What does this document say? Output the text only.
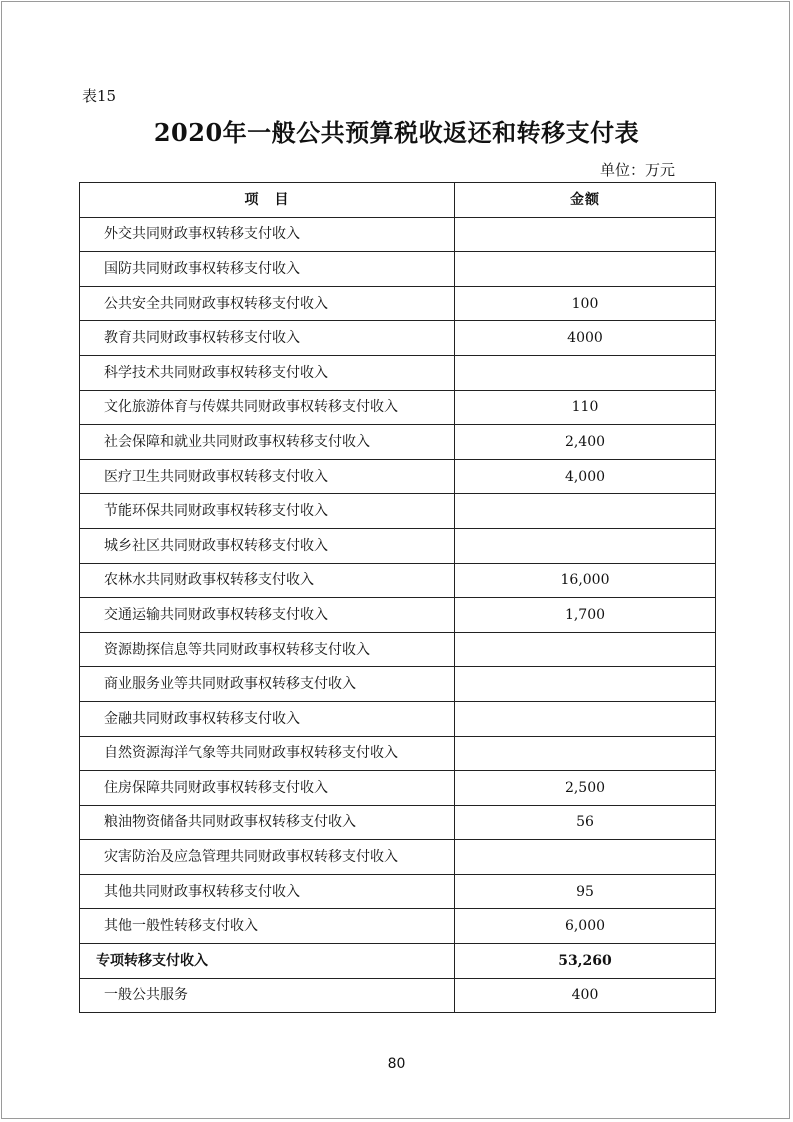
表15
2020年一般公共预算税收返还和转移支付表
单位：万元
项　目	金额
外交共同财政事权转移支付收入	
国防共同财政事权转移支付收入	
公共安全共同财政事权转移支付收入	100
教育共同财政事权转移支付收入	4000
科学技术共同财政事权转移支付收入	
文化旅游体育与传媒共同财政事权转移支付收入	110
社会保障和就业共同财政事权转移支付收入	2,400
医疗卫生共同财政事权转移支付收入	4,000
节能环保共同财政事权转移支付收入	
城乡社区共同财政事权转移支付收入	
农林水共同财政事权转移支付收入	16,000
交通运输共同财政事权转移支付收入	1,700
资源勘探信息等共同财政事权转移支付收入	
商业服务业等共同财政事权转移支付收入	
金融共同财政事权转移支付收入	
自然资源海洋气象等共同财政事权转移支付收入	
住房保障共同财政事权转移支付收入	2,500
粮油物资储备共同财政事权转移支付收入	56
灾害防治及应急管理共同财政事权转移支付收入	
其他共同财政事权转移支付收入	95
其他一般性转移支付收入	6,000
专项转移支付收入	53,260
一般公共服务	400
80
